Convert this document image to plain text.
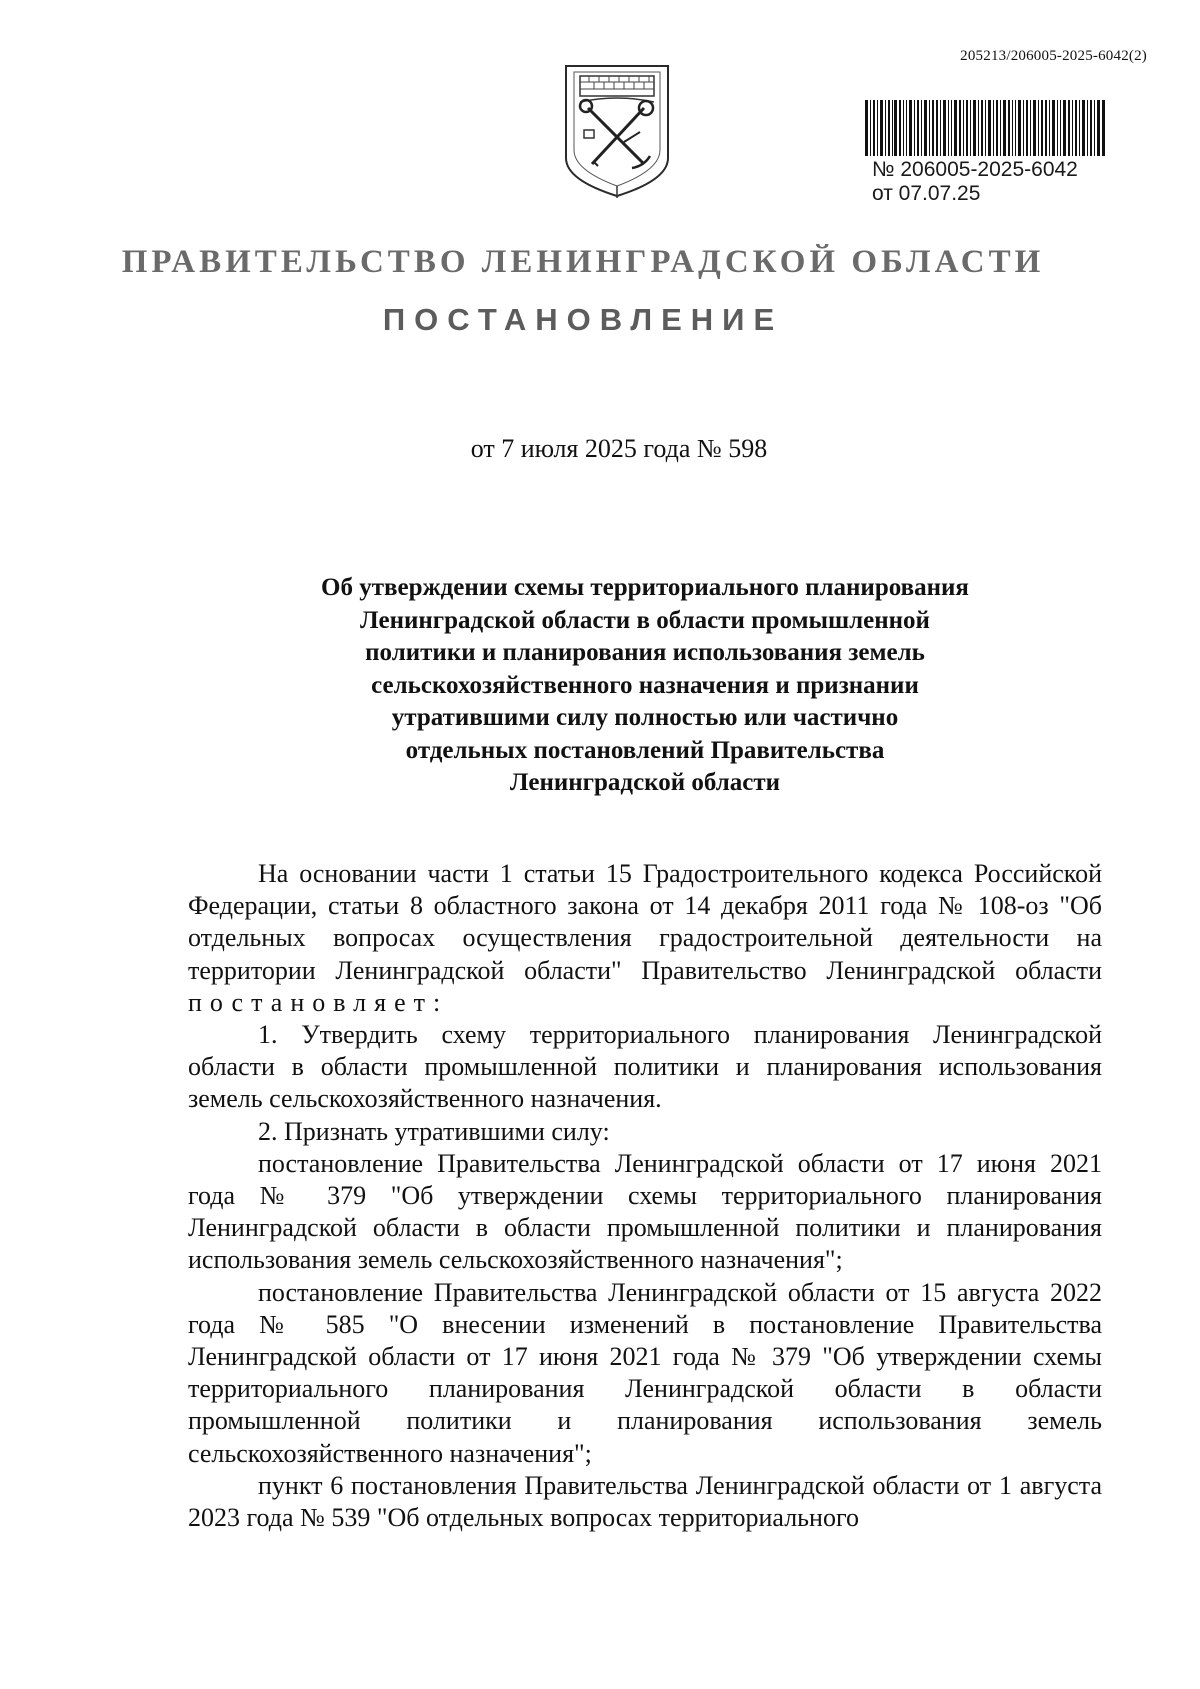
205213/206005-2025-6042(2)
№ 206005-2025-6042
от 07.07.25
ПРАВИТЕЛЬСТВО ЛЕНИНГРАДСКОЙ ОБЛАСТИ
ПОСТАНОВЛЕНИЕ
от 7 июля 2025 года № 598
Об утверждении схемы территориального планирования
Ленинградской области в области промышленной
политики и планирования использования земель
сельскохозяйственного назначения и признании
утратившими силу полностью или частично
отдельных постановлений Правительства
Ленинградской области

На основании части 1 статьи 15 Градостроительного кодекса Российской Федерации, статьи 8 областного закона от 14 декабря 2011 года № 108-оз "Об отдельных вопросах осуществления градостроительной деятельности на территории Ленинградской области" Правительство Ленинградской области постановляет:

1. Утвердить схему территориального планирования Ленинградской области в области промышленной политики и планирования использования земель сельскохозяйственного назначения.

2. Признать утратившими силу:

постановление Правительства Ленинградской области от 17 июня 2021 года № 379 "Об утверждении схемы территориального планирования Ленинградской области в области промышленной политики и планирования использования земель сельскохозяйственного назначения";

постановление Правительства Ленинградской области от 15 августа 2022 года № 585 "О внесении изменений в постановление Правительства Ленинградской области от 17 июня 2021 года № 379 "Об утверждении схемы территориального планирования Ленинградской области в области промышленной политики и планирования использования земель сельскохозяйственного назначения";

пункт 6 постановления Правительства Ленинградской области от 1 августа 2023 года № 539 "Об отдельных вопросах территориального
